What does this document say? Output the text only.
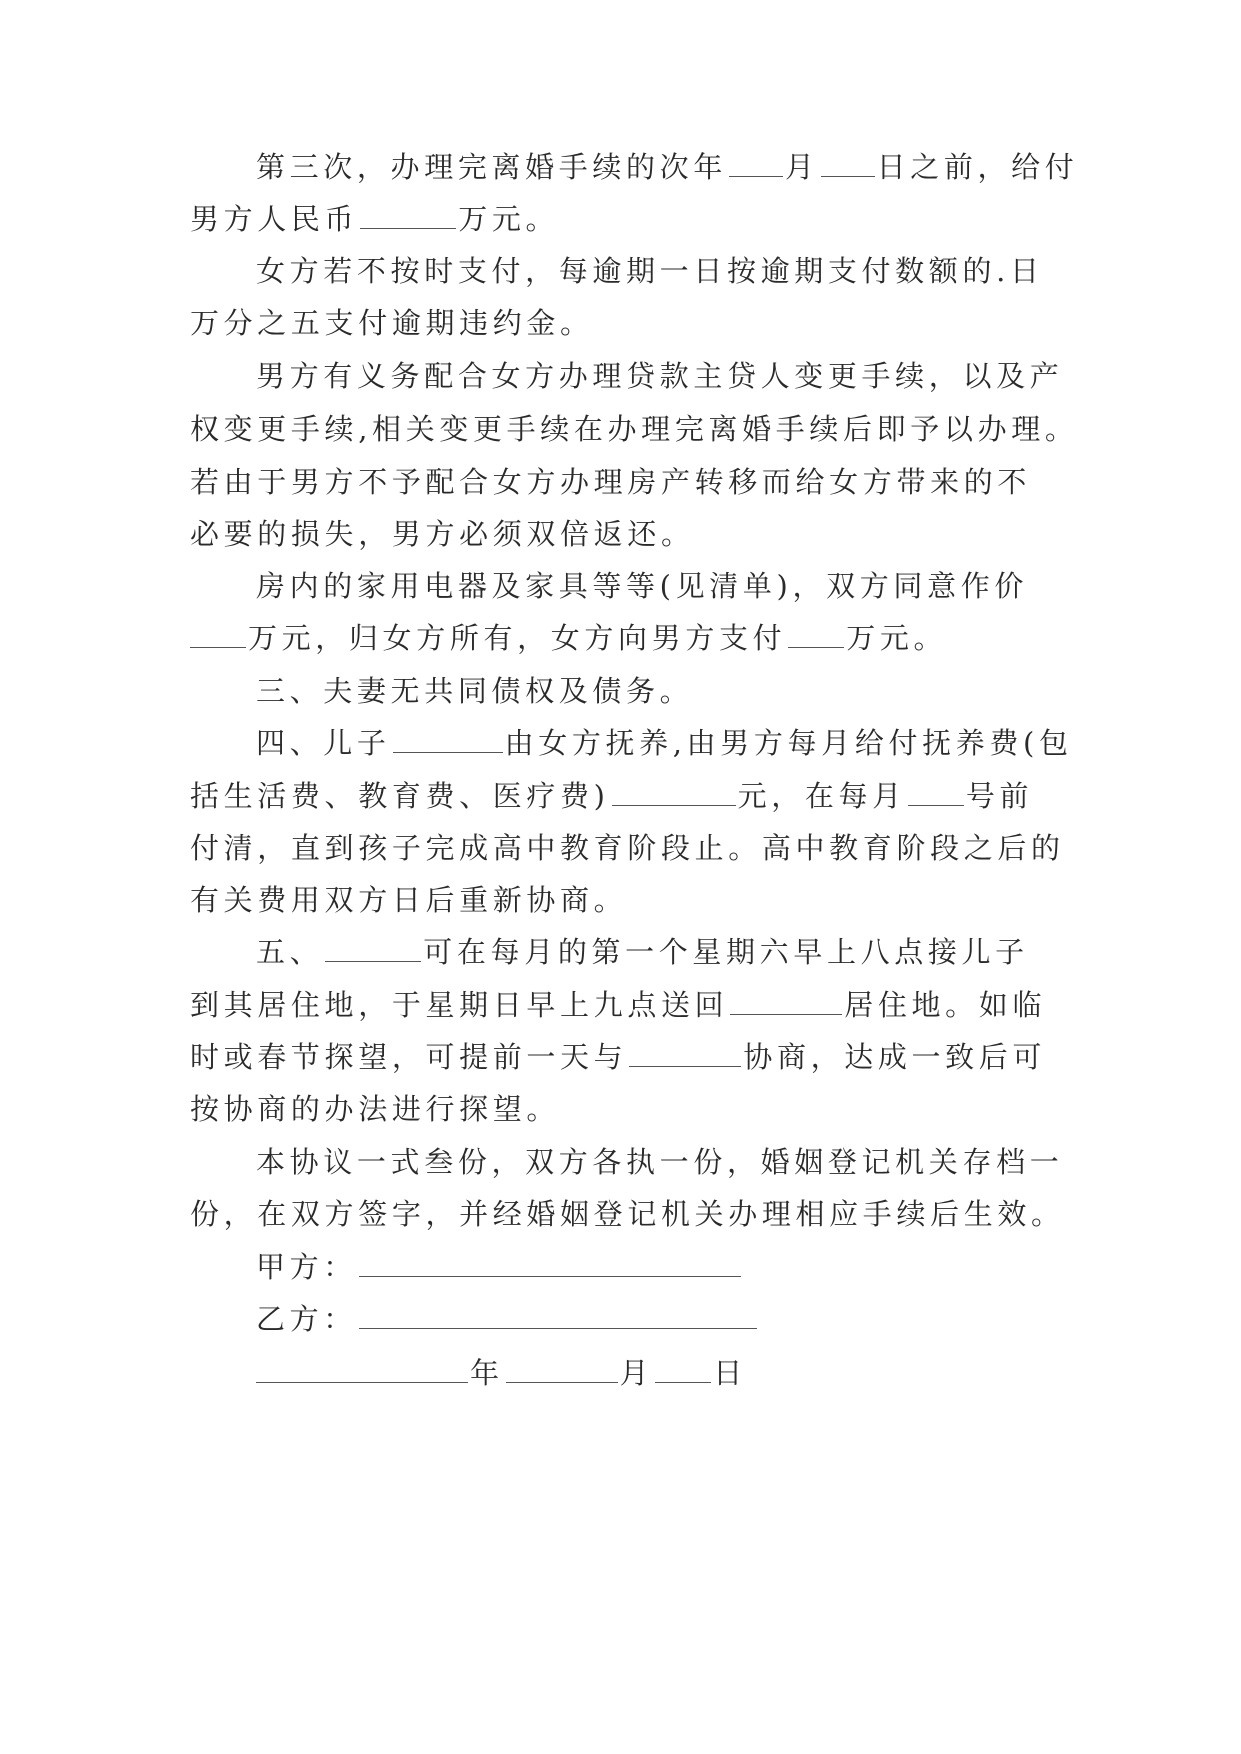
第三次，办理完离婚手续的次年 月 日之前，给付

男方人民币	万元。

女方若不按时支付，每逾期一日按逾期支付数额的.日

万分之五支付逾期违约金。

男方有义务配合女方办理贷款主贷人变更手续，以及产

权变更手续,相关变更手续在办理完离婚手续后即予以办理。

若由于男方不予配合女方办理房产转移而给女方带来的不

必要的损失，男方必须双倍返还。

房内的家用电器及家具等等(见清单)，双方同意作价

万元，归女方所有，女方向男方支付 万元。

三、夫妻无共同债权及债务。

四、儿子	由女方抚养,由男方每月给付抚养费(包

括生活费、教育费、医疗费)	元，在每月 号前

付清，直到孩子完成高中教育阶段止。高中教育阶段之后的

有关费用双方日后重新协商。

五、	可在每月的第一个星期六早上八点接儿子

到其居住地，于星期日早上九点送回	居住地。如临

时或春节探望，可提前一天与	协商，达成一致后可

按协商的办法进行探望。

本协议一式叁份，双方各执一份，婚姻登记机关存档一

份，在双方签字，并经婚姻登记机关办理相应手续后生效。

甲方：

乙方：

年	月 日
